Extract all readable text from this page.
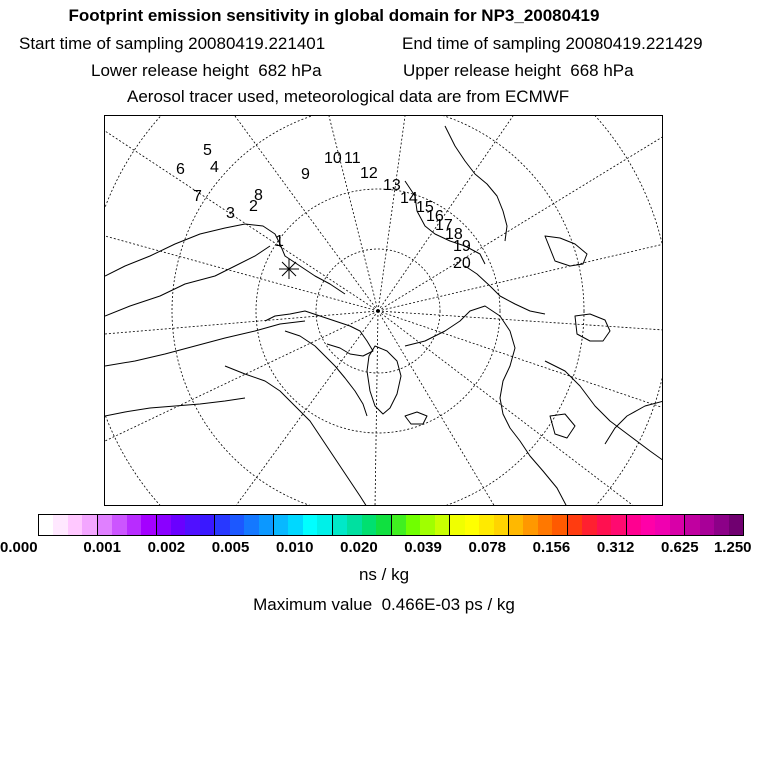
Footprint emission sensitivity in global domain for NP3_20080419
Start time of sampling 20080419.221401	End time of sampling 20080419.221429
Lower release height  682 hPa	Upper release height  668 hPa
Aerosol tracer used, meteorological data are from ECMWF
1
2
3
4
5
6
7	8
9
10 11
12
13
14
15
16
17
18
19
20
0.000	0.001 0.002 0.005 0.010 0.020 0.039 0.078 0.156 0.312 0.625 1.250
ns / kg
Maximum value  0.466E-03 ps / kg
